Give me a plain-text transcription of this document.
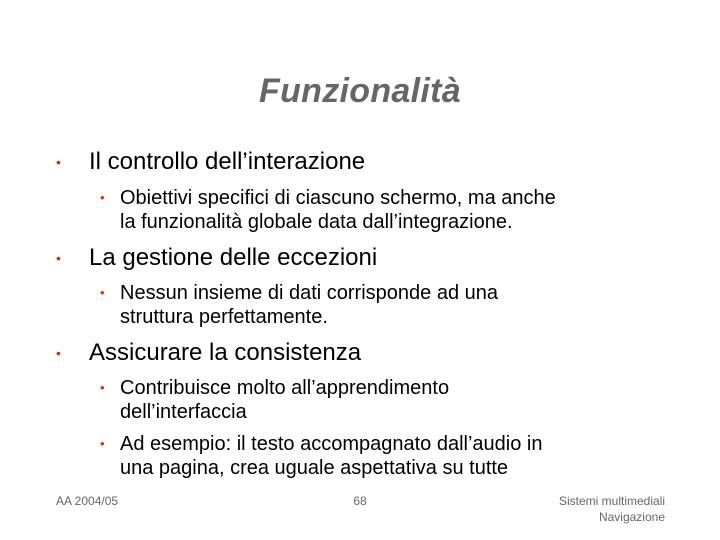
Funzionalità
• Il controllo dell’interazione
• Obiettivi specifici di ciascuno schermo, ma anche
la funzionalità globale data dall’integrazione.
• La gestione delle eccezioni
• Nessun insieme di dati corrisponde ad una
struttura perfettamente.
• Assicurare la consistenza
• Contribuisce molto all’apprendimento
dell’interfaccia
• Ad esempio: il testo accompagnato dall’audio in
una pagina, crea uguale aspettativa su tutte
AA 2004/05	68	Sistemi multimediali
Navigazione
